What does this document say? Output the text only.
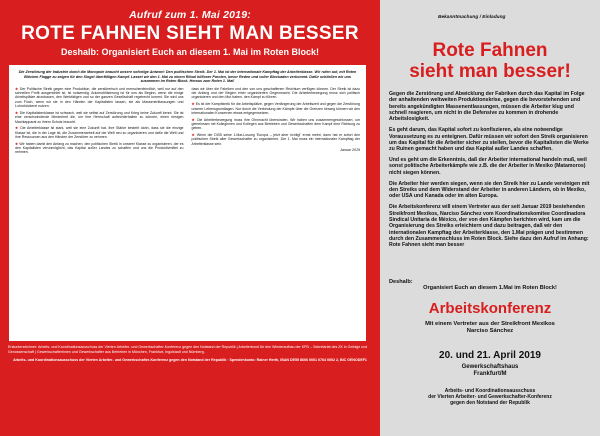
Aufruf zum 1. Mai 2019:
ROTE FAHNEN SIEHT MAN BESSER
Deshalb: Organisiert Euch an diesem 1. Mai im Roten Block!

Die Zerstörung der Industrie durch die Monopole braucht unsere sofortige Antwort: Den politischen Streik. Der 1. Mai ist der internationale Kampftag der Arbeiterklasse. Wir rufen auf, mit Roten Blöcken Flagge zu zeigen für den Singel überfälligen Kampf. Lasset wir den 1. Mai zu einem Ritual hilfloser Parolen, bevor Reden und voller Blockaden verkommt. Dafür schließen wir uns zusammen im Roten Block. Heraus zum Roten 1. Mai!

★ Der Politische Streik gegen eine Produktion, die zerstörerisch und menschenfeindlich, weil nur auf den schnellen Profit ausgerichtet ist, ist notwendig. Automobilisierung ist für uns als Beginn, wenn die einige Arbeitsplätze abzubauen, den Werktätigen und so der ganzen Gesellschaft regelrecht kommt. Sie wird uns zum Fluch, wenn wir sie in den Händen der Kapitalisten lassen, sie als Massenentlassungen und Lohndrückerei nutzen.

★ Die Kapitalistenklasse ist schwach, weil sie selbst auf Zerstörung und Krieg keine Zukunft kennt. Sie ist eine verschwindende Minderheit die, um ihre Herrschaft aufrechterhalten zu können, einen riesigen Machtapparat zu ihrem Schutz braucht.

★ Die Arbeiterklasse ist stark, weil sie eine Zukunft hat. Ihre Stärke besteht darin, dass sie die einzige Klasse ist, die in der Lage ist, die Zusammenarbeit auf der Welt neu zu organisieren und dafür die Welt und ihre Ressourcen aus den Händen der Zerstörer zu nehmen.

★ Wir haben damit den Anfang zu machen, den politischen Streik in unserer Klasse zu organisieren, der es den Kapitalisten verunmöglicht, das Kapital außer Landes zu schaffen und uns die Produktivmittel zu nehmen.

dass wir über die Fabriken und den von uns geschaffenen Reichtum verfügen können. Der Streik ist dazu der Anfang und der Beginn einer organisierten Gegenmacht. Die Arbeiterbewegung muss sich politisch organisieren und den Mut haben, den Kampf zu führen.

★ Es ist der Kampfstreik für die Arbeitsplätze, gegen Verlängerung der Arbeitszeit und gegen die Zerstörung unserer Lebensgrundlagen. Nur durch die Verbindung der Kämpfe über die Grenzen hinweg können wir den internationalen Konzernen etwas entgegensetzen.

★ Die Arbeiterbewegung muss ihre Ohnmacht überwinden. Wir haben uns zusammengeschlossen, um gemeinsam mit Kolleginnen und Kollegen aus Betrieben und Gewerkschaften dem Kampf eine Richtung zu geben.

★ Wenn der DGB seine 1.Mai-Losung 'Europa – jetzt aber richtig!' ernst meint, dann hat er sofort den politischen Streik aller Gewerkschafter zu organisieren. Der 1. Mai muss ein internationaler Kampftag der Arbeiterklasse sein.

Januar 2019
Erstunterzeichner: Arbeits- und Koordinationsausschuss der Vierten Arbeiter- und Gewerkschafter-Konferenz gegen den Notstand der Republik | Arbeiterbund für den Wiederaufbau der KPD – Sekretariat des ZK in Gefolge und Genossenschaft | Gewerkschafterinnen und Gewerkschafter aus Betrieben in München, Frankfurt, Ingolstadt und Nürnberg.
Arbeits- und Koordinationsausschuss der Vierten Arbeiter- und Gewerkschafter-Konferenz gegen den Notstand der Republik · Spendenkonto: Rainer Herth, IBAN DE55 8606 0001 0764 0002 2, BIC GENODEF1
Bekanntmachung / Einladung
Rote Fahnen
sieht man besser!

Gegen die Zerstörung und Abwicklung der Fabriken durch das Kapital im Folge der anhaltenden weltweiten Produktionskrise, gegen die bevorstehenden und bereits angekündigten Massenentlassungen, müssen die Arbeiter klug und schnell reagieren, um nicht in die Defensive zu kommen in drohende Arbeitslosigkeit.

Es geht darum, das Kapital sofort zu konfiszieren, als eine notwendige Voraussetzung es zu enteignen. Dafür müssen wir sofort den Streik organisieren um das Kapital für die Arbeiter sicher zu stellen, bevor die Kapitalisten die Werke zu Ruinen gemacht haben und das Kapital außer Landes schaffen.

Und es geht um die Erkenntnis, daß der Arbeiter international handeln muß, weil sonst politische Arbeiterkämpfe wie z.B. die der Arbeiter in Mexiko (Matamoros) nicht siegen können.

Die Arbeiter hier werden siegen, wenn sie den Streik hier zu Lande vereinigen mit den Streiks und dem Widerstand der Arbeiter in anderen Ländern, ob in Mexiko, oder USA und Kanada oder im alten Europa.

Die Arbeitskonferenz will einem Vertreter aus der seit Januar 2019 bestehenden Streikfront Mexikos, Narciso Sánchez vom Koordinationskomitee Coordinadora Sindical Unitaria de México, der von den Kämpfen berichten wird, kam um die Organisierung des Streiks erleichtern und dazu beitragen, daß wir den internationalen Kampftag der Arbeiterklasse, den 1.Mai prägen und bestimmen durch den Zusammenschluss im Roten Block. Siehe dazu den Aufruf im Anhang: Rote Fahnen sieht man besser

Deshalb:
Organisiert Euch an diesem 1.Mai im Roten Block!
Arbeitskonferenz
Mit einem Vertreter aus der Streikfront Mexikos
Narciso Sánchez
20. und 21. April 2019
Gewerkschaftshaus
Frankfurt/M
Arbeits- und Koordinationsausschuss
der Vierten Arbeiter- und Gewerkschafter-Konferenz
gegen den Notstand der Republik
